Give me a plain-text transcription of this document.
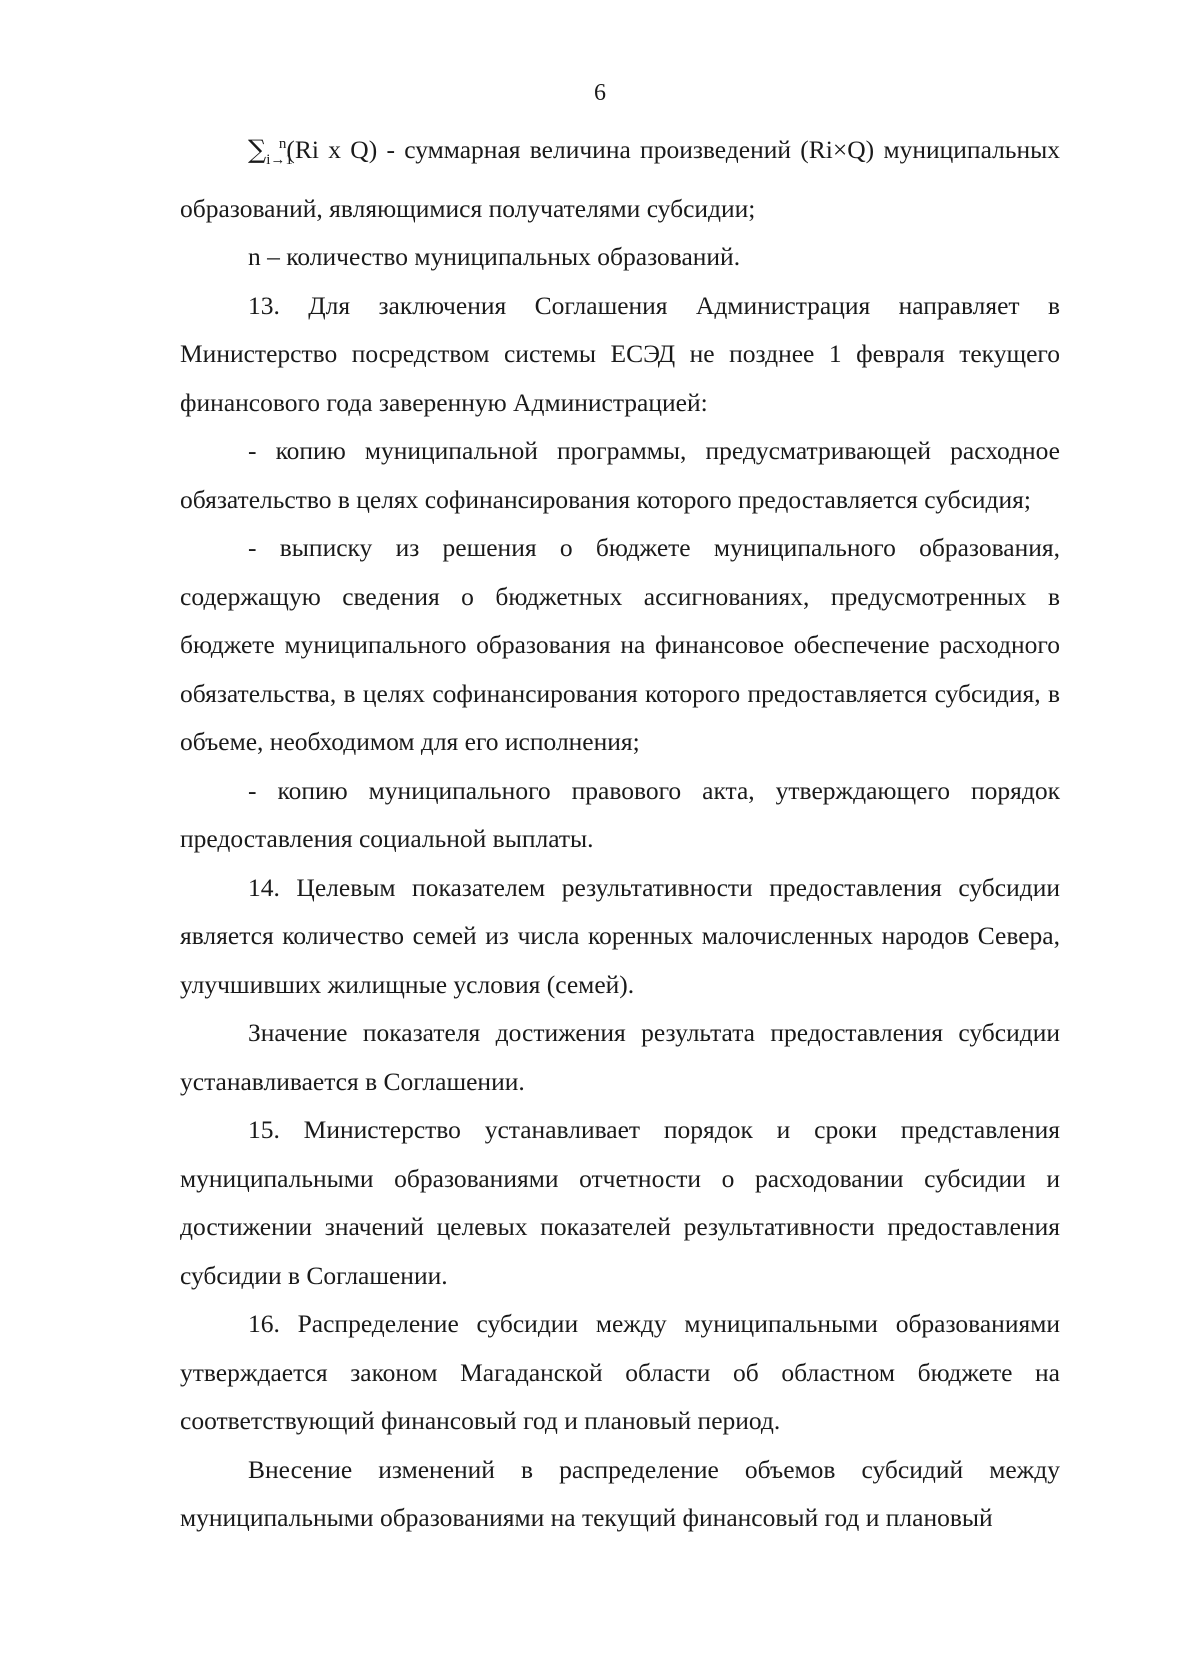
6

$\sum_{i\to 1}^n(Ri$ x Q) - суммарная величина произведений (Ri×Q) муниципальных образований, являющимися получателями субсидии;

n – количество муниципальных образований.

13. Для заключения Соглашения Администрация направляет в Министерство посредством системы ЕСЭД не позднее 1 февраля текущего финансового года заверенную Администрацией:

- копию муниципальной программы, предусматривающей расходное обязательство в целях софинансирования которого предоставляется субсидия;

- выписку из решения о бюджете муниципального образования, содержащую сведения о бюджетных ассигнованиях, предусмотренных в бюджете муниципального образования на финансовое обеспечение расходного обязательства, в целях софинансирования которого предоставляется субсидия, в объеме, необходимом для его исполнения;

- копию муниципального правового акта, утверждающего порядок предоставления социальной выплаты.

14. Целевым показателем результативности предоставления субсидии является количество семей из числа коренных малочисленных народов Севера, улучшивших жилищные условия (семей).

Значение показателя достижения результата предоставления субсидии устанавливается в Соглашении.

15. Министерство устанавливает порядок и сроки представления муниципальными образованиями отчетности о расходовании субсидии и достижении значений целевых показателей результативности предоставления субсидии в Соглашении.

16. Распределение субсидии между муниципальными образованиями утверждается законом Магаданской области об областном бюджете на соответствующий финансовый год и плановый период.

Внесение изменений в распределение объемов субсидий между муниципальными образованиями на текущий финансовый год и плановый
